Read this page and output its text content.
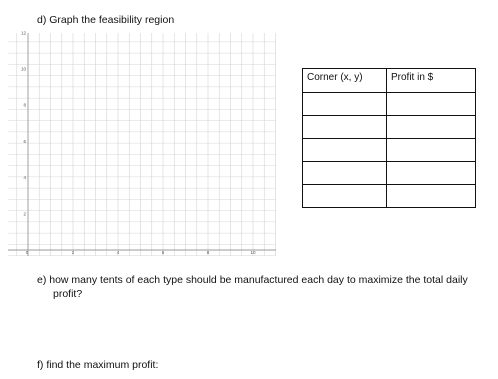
d) Graph the feasibility region
0	2	4	6	8	10
12
10
8
6
4
2
Corner (x, y)	Profit in $

e) how many tents of each type should be manufactured each day to maximize the total daily
profit?
f) find the maximum profit:
